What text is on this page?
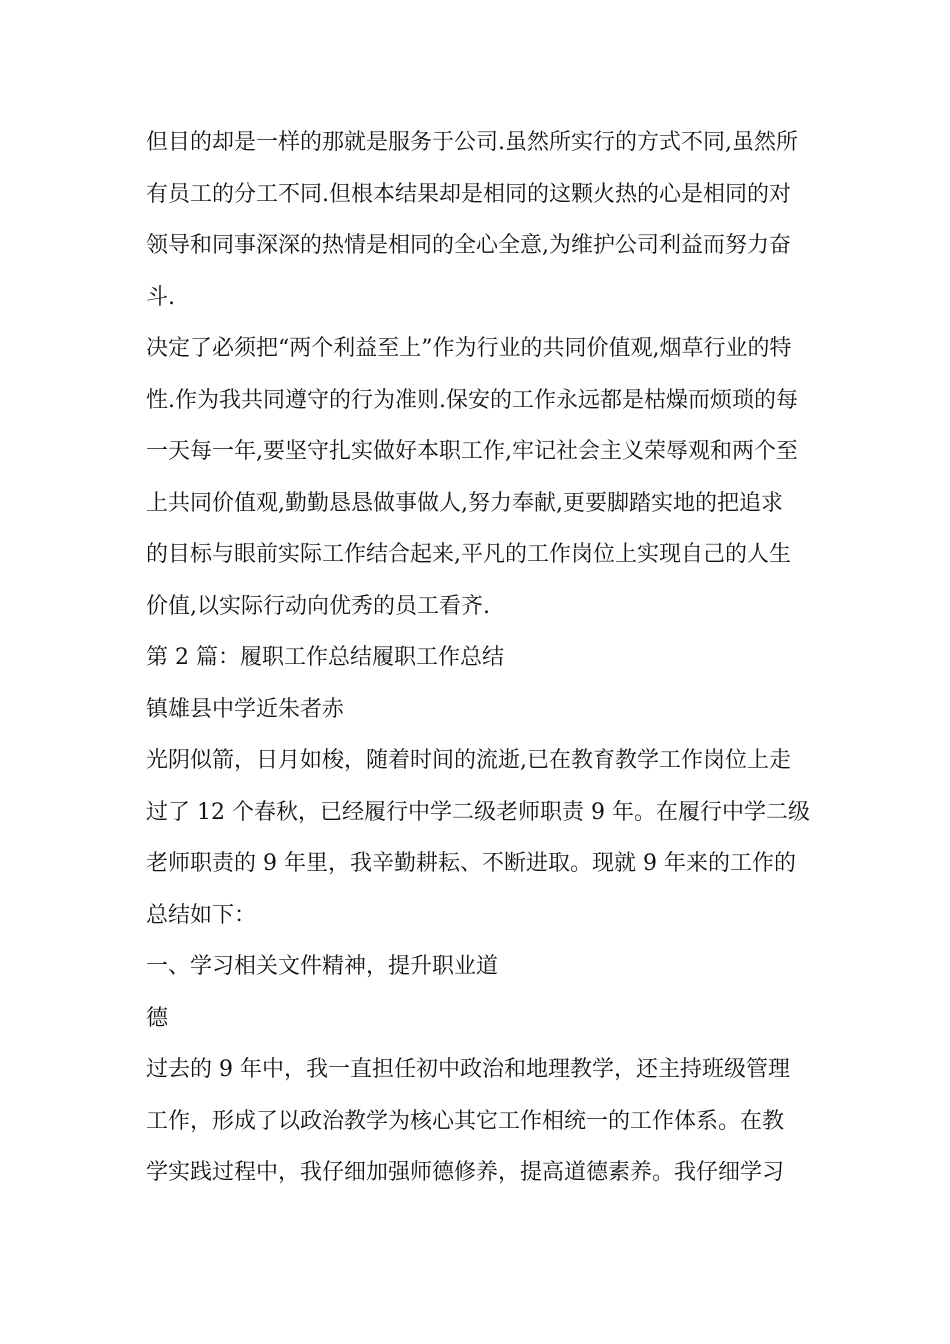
但目的却是一样的那就是服务于公司.虽然所实行的方式不同,虽然所
有员工的分工不同.但根本结果却是相同的这颗火热的心是相同的对
领导和同事深深的热情是相同的全心全意,为维护公司利益而努力奋
斗.
决定了必须把“两个利益至上”作为行业的共同价值观,烟草行业的特
性.作为我共同遵守的行为准则.保安的工作永远都是枯燥而烦琐的每
一天每一年,要坚守扎实做好本职工作,牢记社会主义荣辱观和两个至
上共同价值观,勤勤恳恳做事做人,努力奉献,更要脚踏实地的把追求
的目标与眼前实际工作结合起来,平凡的工作岗位上实现自己的人生
价值,以实际行动向优秀的员工看齐.
第 2 篇：履职工作总结履职工作总结
镇雄县中学近朱者赤
光阴似箭，日月如梭，随着时间的流逝,已在教育教学工作岗位上走
过了 12 个春秋，已经履行中学二级老师职责 9 年。在履行中学二级
老师职责的 9 年里，我辛勤耕耘、不断进取。现就 9 年来的工作的
总结如下：
一、学习相关文件精神，提升职业道
德
过去的 9 年中，我一直担任初中政治和地理教学，还主持班级管理
工作，形成了以政治教学为核心其它工作相统一的工作体系。在教
学实践过程中，我仔细加强师德修养，提高道德素养。我仔细学习
